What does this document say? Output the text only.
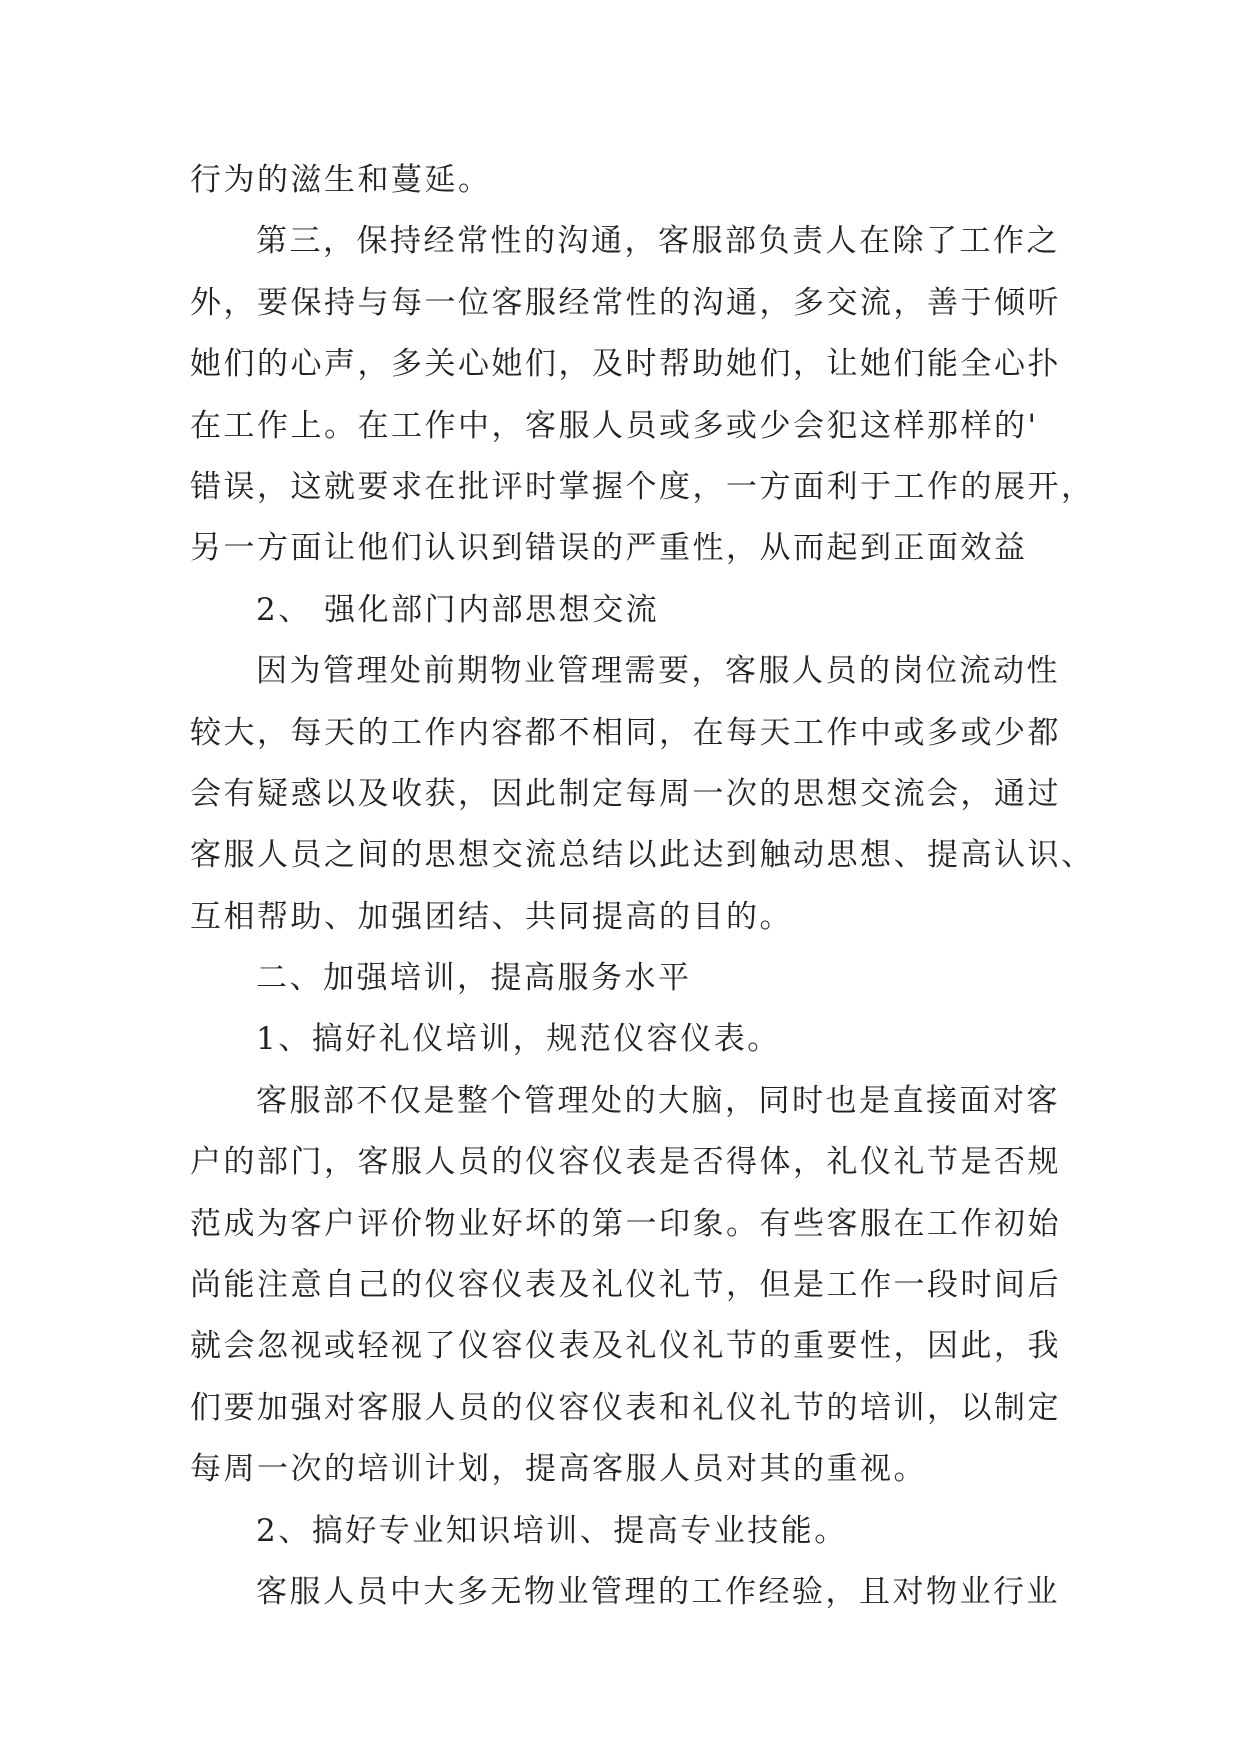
行为的滋生和蔓延。
第三，保持经常性的沟通，客服部负责人在除了工作之
外，要保持与每一位客服经常性的沟通，多交流，善于倾听
她们的心声，多关心她们，及时帮助她们，让她们能全心扑
在工作上。在工作中，客服人员或多或少会犯这样那样的'
错误，这就要求在批评时掌握个度，一方面利于工作的展开，
另一方面让他们认识到错误的严重性，从而起到正面效益
2、 强化部门内部思想交流
因为管理处前期物业管理需要，客服人员的岗位流动性
较大，每天的工作内容都不相同，在每天工作中或多或少都
会有疑惑以及收获，因此制定每周一次的思想交流会，通过
客服人员之间的思想交流总结以此达到触动思想、提高认识、
互相帮助、加强团结、共同提高的目的。
二、加强培训，提高服务水平
1、搞好礼仪培训，规范仪容仪表。
客服部不仅是整个管理处的大脑，同时也是直接面对客
户的部门，客服人员的仪容仪表是否得体，礼仪礼节是否规
范成为客户评价物业好坏的第一印象。有些客服在工作初始
尚能注意自己的仪容仪表及礼仪礼节，但是工作一段时间后
就会忽视或轻视了仪容仪表及礼仪礼节的重要性，因此，我
们要加强对客服人员的仪容仪表和礼仪礼节的培训，以制定
每周一次的培训计划，提高客服人员对其的重视。
2、搞好专业知识培训、提高专业技能。
客服人员中大多无物业管理的工作经验，且对物业行业
